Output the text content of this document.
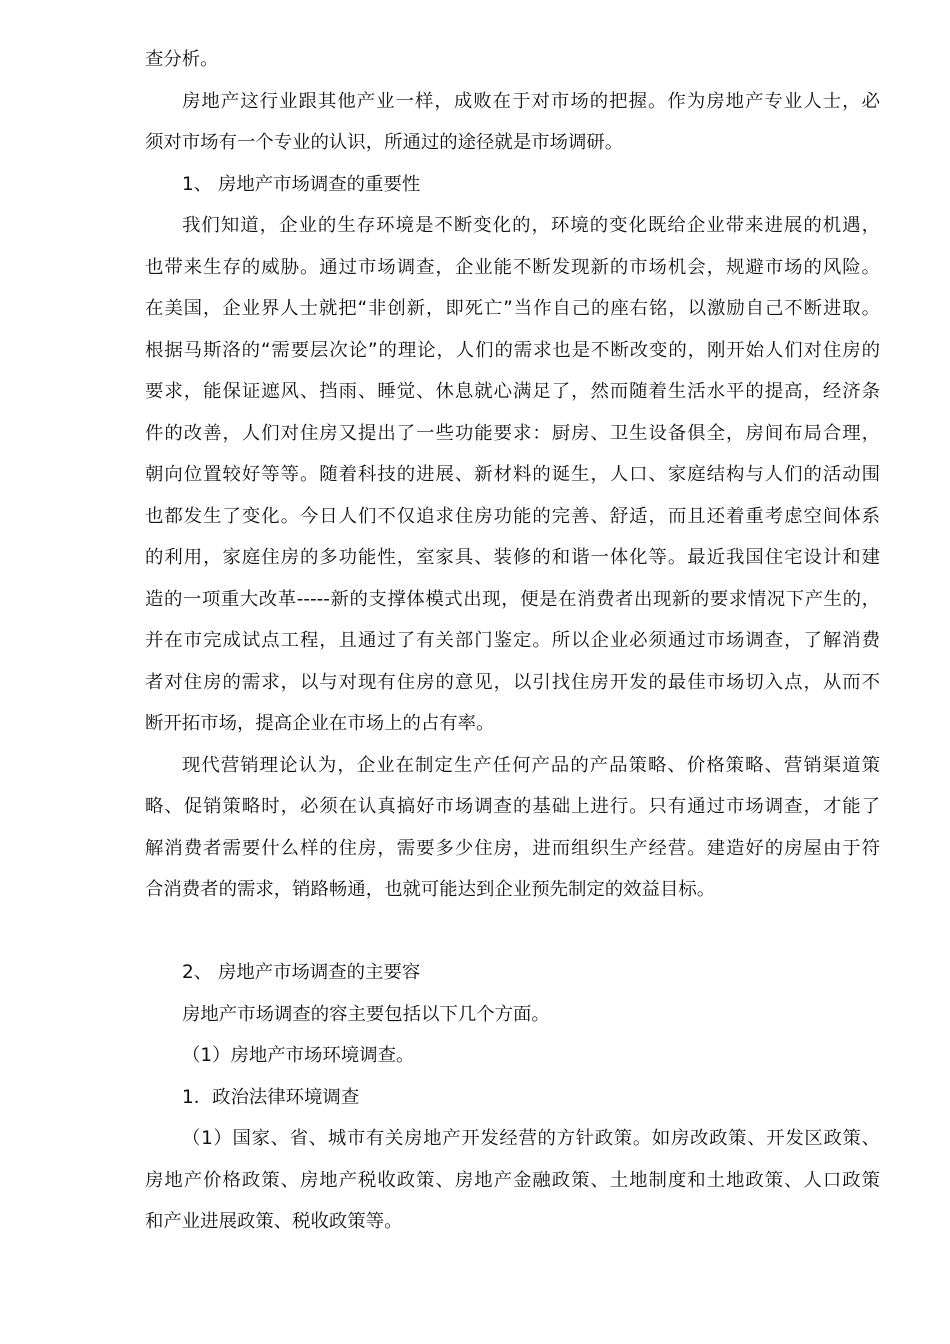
查分析。
房地产这行业跟其他产业一样，成败在于对市场的把握。作为房地产专业人士，必
须对市场有一个专业的认识，所通过的途径就是市场调研。
1、 房地产市场调查的重要性
我们知道，企业的生存环境是不断变化的，环境的变化既给企业带来进展的机遇，
也带来生存的威胁。通过市场调查，企业能不断发现新的市场机会，规避市场的风险。
在美国，企业界人士就把“非创新，即死亡”当作自己的座右铭，以激励自己不断进取。
根据马斯洛的“需要层次论”的理论，人们的需求也是不断改变的，刚开始人们对住房的
要求，能保证遮风、挡雨、睡觉、休息就心满足了，然而随着生活水平的提高，经济条
件的改善，人们对住房又提出了一些功能要求：厨房、卫生设备俱全，房间布局合理，
朝向位置较好等等。随着科技的进展、新材料的诞生，人口、家庭结构与人们的活动围
也都发生了变化。今日人们不仅追求住房功能的完善、舒适，而且还着重考虑空间体系
的利用，家庭住房的多功能性，室家具、装修的和谐一体化等。最近我国住宅设计和建
造的一项重大改革-----新的支撑体模式出现，便是在消费者出现新的要求情况下产生的，
并在市完成试点工程，且通过了有关部门鉴定。所以企业必须通过市场调查，了解消费
者对住房的需求，以与对现有住房的意见，以引找住房开发的最佳市场切入点，从而不
断开拓市场，提高企业在市场上的占有率。
现代营销理论认为，企业在制定生产任何产品的产品策略、价格策略、营销渠道策
略、促销策略时，必须在认真搞好市场调查的基础上进行。只有通过市场调查，才能了
解消费者需要什么样的住房，需要多少住房，进而组织生产经营。建造好的房屋由于符
合消费者的需求，销路畅通，也就可能达到企业预先制定的效益目标。
2、 房地产市场调查的主要容
房地产市场调查的容主要包括以下几个方面。
（1）房地产市场环境调查。
1．政治法律环境调查
（1）国家、省、城市有关房地产开发经营的方针政策。如房改政策、开发区政策、
房地产价格政策、房地产税收政策、房地产金融政策、土地制度和土地政策、人口政策
和产业进展政策、税收政策等。
